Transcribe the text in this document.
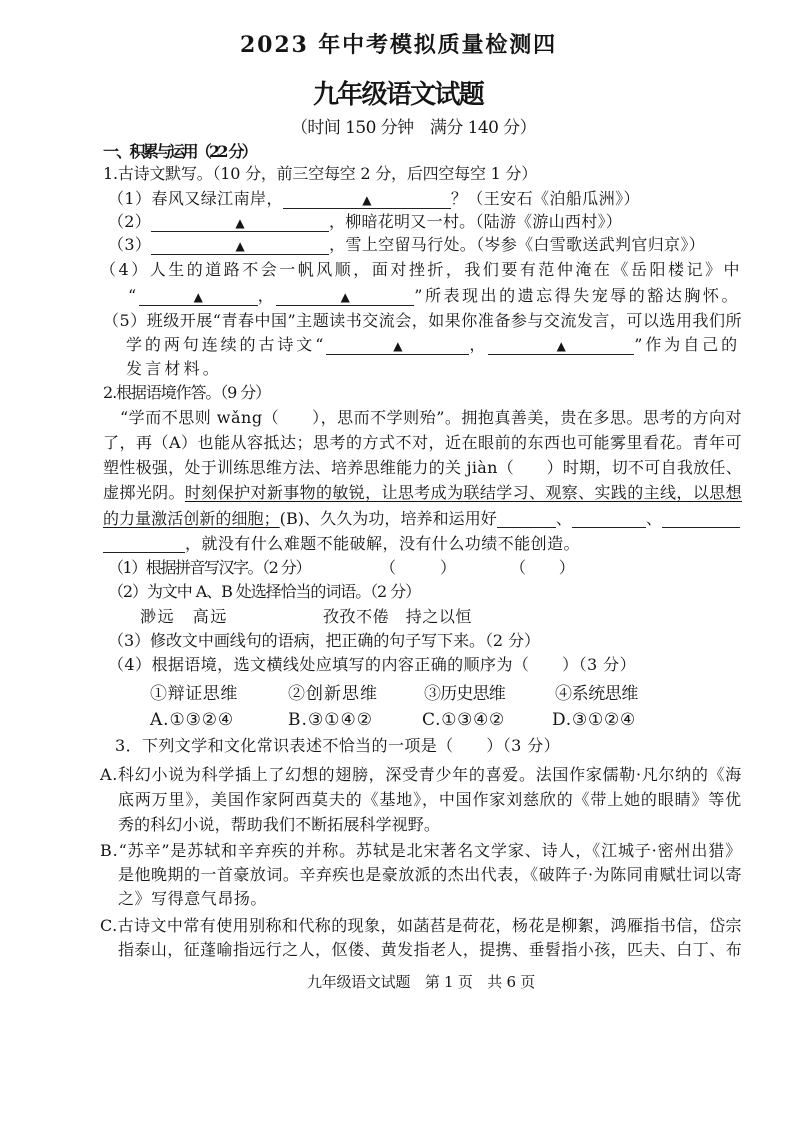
2023 年中考模拟质量检测四
九年级语文试题
（时间 150 分钟　满分 140 分）
一、积累与运用（22 分）
1.古诗文默写。（10 分，前三空每空 2 分，后四空每空 1 分）
（1）春风又绿江南岸，	▲	？（王安石《泊船瓜洲》）
（2）	▲	，柳暗花明又一村。（陆游《游山西村》）
（3）	▲	，雪上空留马行处。（岑参《白雪歌送武判官归京》）
（4）人生的道路不会一帆风顺，面对挫折，我们要有范仲淹在《岳阳楼记》中
“	▲	，	▲	”所表现出的遗忘得失宠辱的豁达胸怀。
（5）班级开展“青春中国”主题读书交流会，如果你准备参与交流发言，可以选用我们所
学的两句连续的古诗文“	▲	，	▲	”作为自己的
发言材料。
2.根据语境作答。（9 分）
“学而不思则 wǎng（　　），思而不学则殆”。拥抱真善美，贵在多思。思考的方向对
了，再（A）也能从容抵达；思考的方式不对，近在眼前的东西也可能雾里看花。青年可
塑性极强，处于训练思维方法、培养思维能力的关 jiàn（　　）时期，切不可自我放任、
虚掷光阴。时刻保护对新事物的敏锐，让思考成为联结学习、观察、实践的主线，以思想
的力量激活创新的细胞；(B)、久久为功，培养和运用好	、	、
，就没有什么难题不能破解，没有什么功绩不能创造。
（1）根据拼音写汉字。（2 分）	（　　）	（　　）
（2）为文中 A、B 处选择恰当的词语。（2 分）
渺远　高远	孜孜不倦　持之以恒
（3）修改文中画线句的语病，把正确的句子写下来。（2 分）
（4）根据语境，选文横线处应填写的内容正确的顺序为（　　）（3 分）
①辩证思维	②创新思维	③历史思维	④系统思维
A.①③②④	B.③①④②	C.①③④②	D.③①②④
3．下列文学和文化常识表述不恰当的一项是（　　）（3 分）
A.科幻小说为科学插上了幻想的翅膀，深受青少年的喜爱。法国作家儒勒·凡尔纳的《海
底两万里》，美国作家阿西莫夫的《基地》，中国作家刘慈欣的《带上她的眼睛》等优
秀的科幻小说，帮助我们不断拓展科学视野。
B.“苏辛”是苏轼和辛弃疾的并称。苏轼是北宋著名文学家、诗人，《江城子·密州出猎》
是他晚期的一首豪放词。辛弃疾也是豪放派的杰出代表，《破阵子·为陈同甫赋壮词以寄
之》写得意气昂扬。
C.古诗文中常有使用别称和代称的现象，如菡萏是荷花，杨花是柳絮，鸿雁指书信，岱宗
指泰山，征蓬喻指远行之人，伛偻、黄发指老人，提携、垂髫指小孩，匹夫、白丁、布
九年级语文试题　第 1 页　共 6 页
